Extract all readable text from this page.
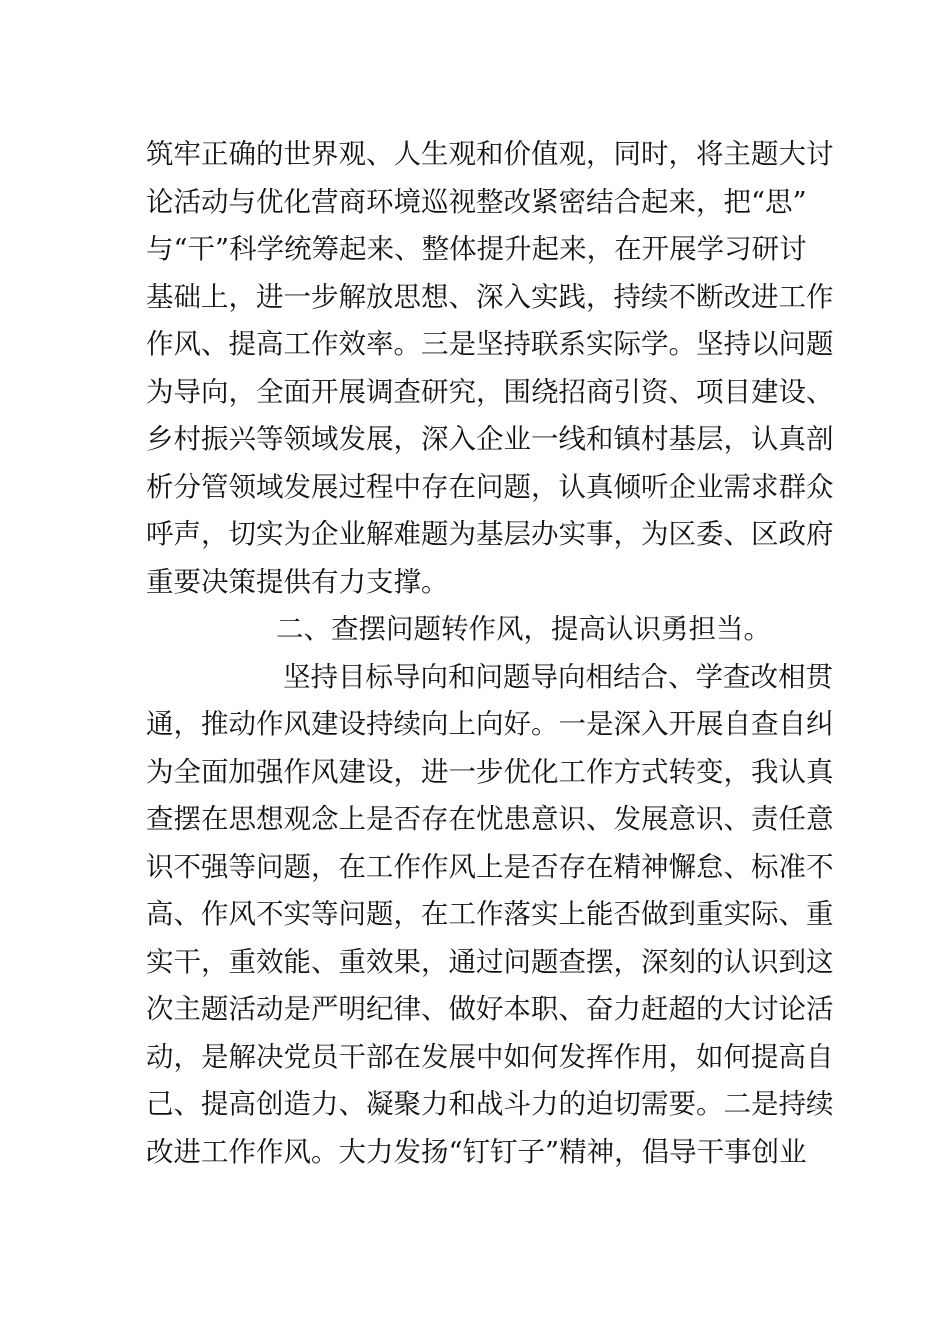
筑牢正确的世界观、人生观和价值观，同时，将主题大讨
论活动与优化营商环境巡视整改紧密结合起来，把“思”
与“干”科学统筹起来、整体提升起来，在开展学习研讨
基础上，进一步解放思想、深入实践，持续不断改进工作
作风、提高工作效率。三是坚持联系实际学。坚持以问题
为导向，全面开展调查研究，围绕招商引资、项目建设、
乡村振兴等领域发展，深入企业一线和镇村基层，认真剖
析分管领域发展过程中存在问题，认真倾听企业需求群众
呼声，切实为企业解难题为基层办实事，为区委、区政府
重要决策提供有力支撑。
二、查摆问题转作风，提高认识勇担当。
坚持目标导向和问题导向相结合、学查改相贯
通，推动作风建设持续向上向好。一是深入开展自查自纠
为全面加强作风建设，进一步优化工作方式转变，我认真
查摆在思想观念上是否存在忧患意识、发展意识、责任意
识不强等问题，在工作作风上是否存在精神懈怠、标准不
高、作风不实等问题，在工作落实上能否做到重实际、重
实干，重效能、重效果，通过问题查摆，深刻的认识到这
次主题活动是严明纪律、做好本职、奋力赶超的大讨论活
动，是解决党员干部在发展中如何发挥作用，如何提高自
己、提高创造力、凝聚力和战斗力的迫切需要。二是持续
改进工作作风。大力发扬“钉钉子”精神，倡导干事创业
